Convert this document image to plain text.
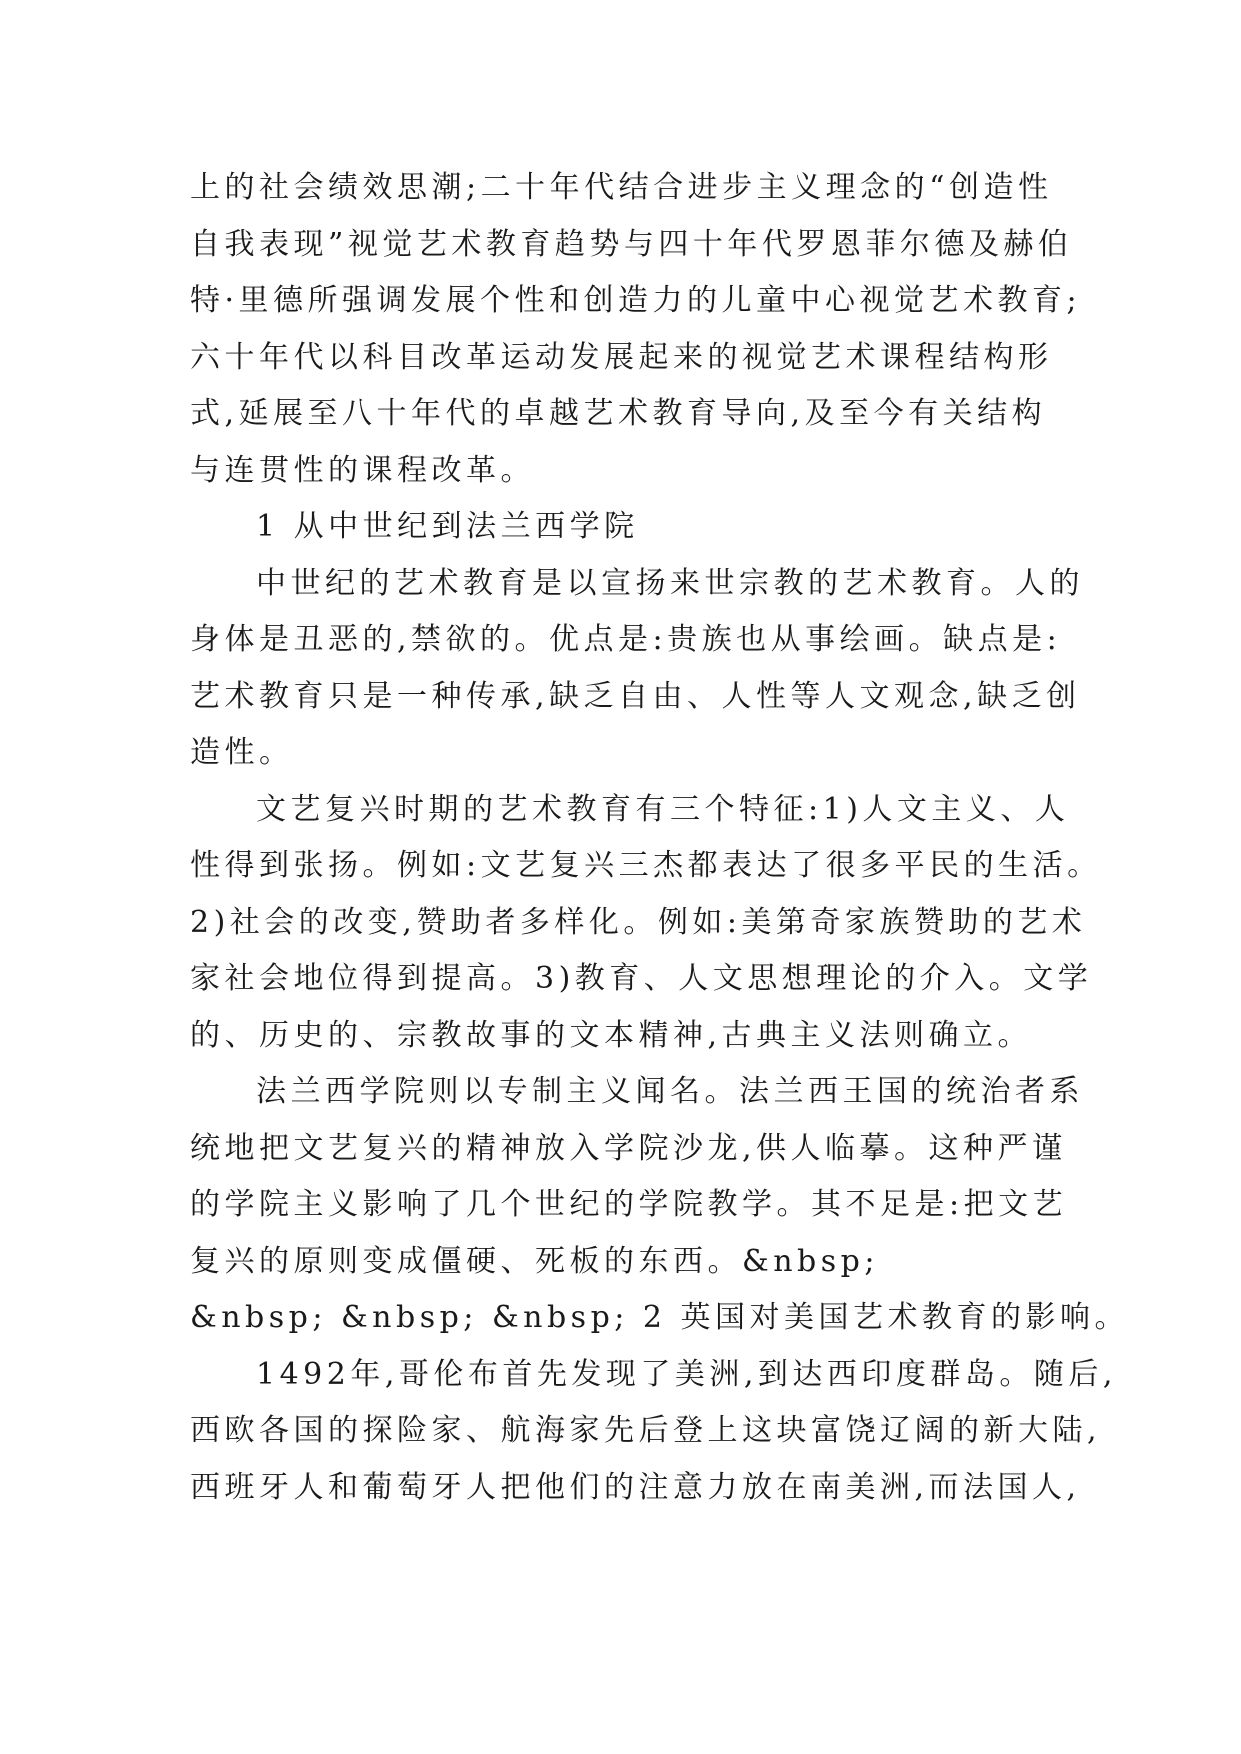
上的社会绩效思潮;二十年代结合进步主义理念的“创造性
自我表现”视觉艺术教育趋势与四十年代罗恩菲尔德及赫伯
特·里德所强调发展个性和创造力的儿童中心视觉艺术教育;
六十年代以科目改革运动发展起来的视觉艺术课程结构形
式,延展至八十年代的卓越艺术教育导向,及至今有关结构
与连贯性的课程改革。
1 从中世纪到法兰西学院
中世纪的艺术教育是以宣扬来世宗教的艺术教育。人的
身体是丑恶的,禁欲的。优点是:贵族也从事绘画。缺点是:
艺术教育只是一种传承,缺乏自由、人性等人文观念,缺乏创
造性。
文艺复兴时期的艺术教育有三个特征:1)人文主义、人
性得到张扬。例如:文艺复兴三杰都表达了很多平民的生活。
2)社会的改变,赞助者多样化。例如:美第奇家族赞助的艺术
家社会地位得到提高。3)教育、人文思想理论的介入。文学
的、历史的、宗教故事的文本精神,古典主义法则确立。
法兰西学院则以专制主义闻名。法兰西王国的统治者系
统地把文艺复兴的精神放入学院沙龙,供人临摹。这种严谨
的学院主义影响了几个世纪的学院教学。其不足是:把文艺
复兴的原则变成僵硬、死板的东西。&nbsp;
&nbsp; &nbsp; &nbsp; 2 英国对美国艺术教育的影响。
1492年,哥伦布首先发现了美洲,到达西印度群岛。随后,
西欧各国的探险家、航海家先后登上这块富饶辽阔的新大陆,
西班牙人和葡萄牙人把他们的注意力放在南美洲,而法国人,
